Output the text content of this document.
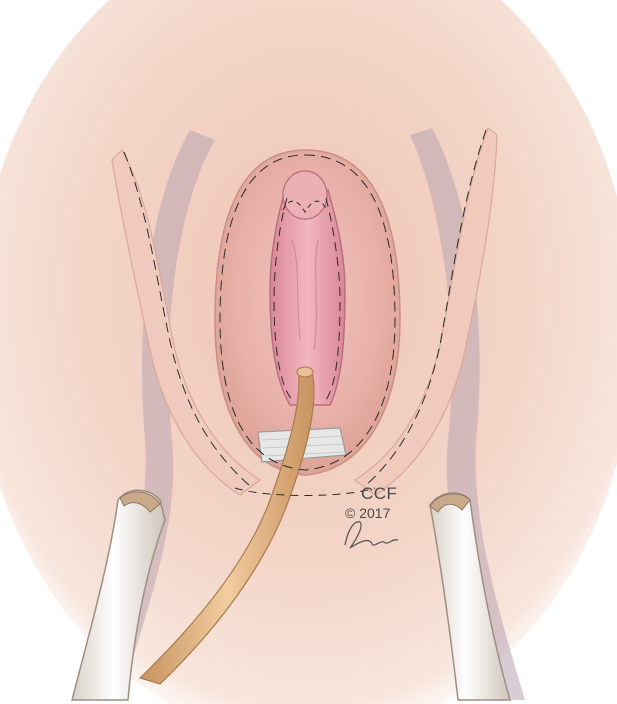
CCF
© 2017
